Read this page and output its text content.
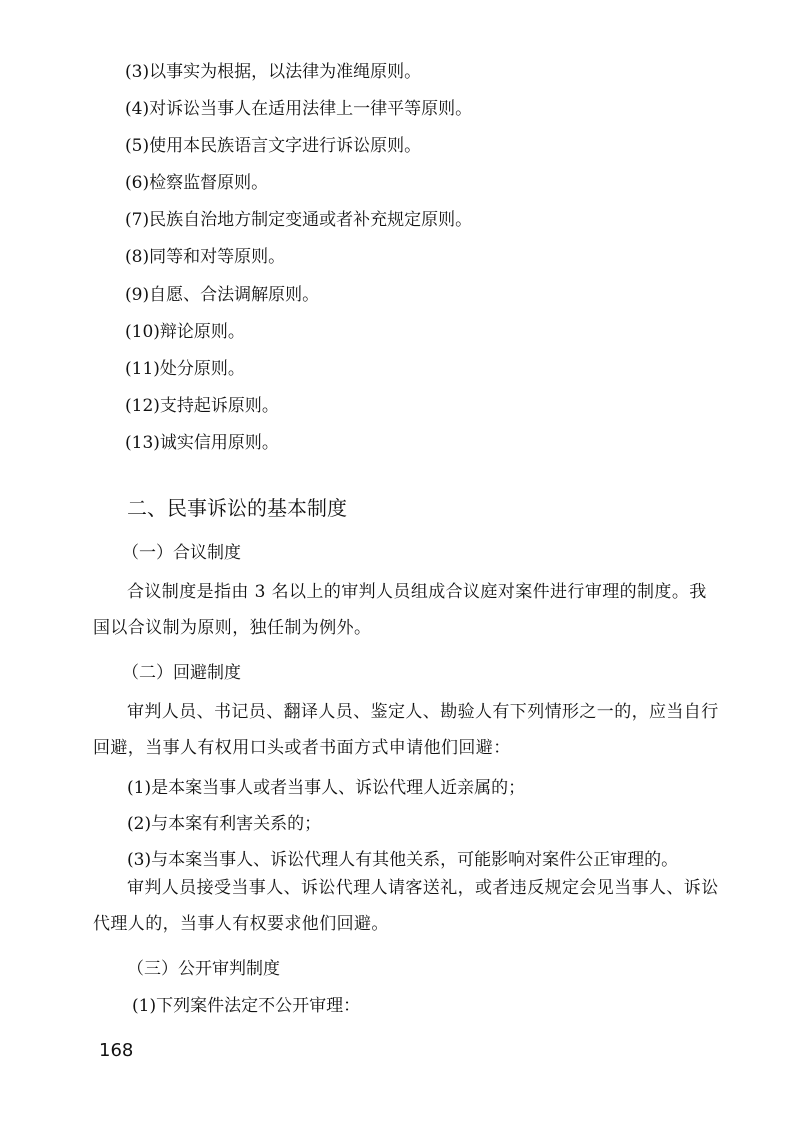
(3)以事实为根据，以法律为准绳原则。
(4)对诉讼当事人在适用法律上一律平等原则。
(5)使用本民族语言文字进行诉讼原则。
(6)检察监督原则。
(7)民族自治地方制定变通或者补充规定原则。
(8)同等和对等原则。
(9)自愿、合法调解原则。
(10)辩论原则。
(11)处分原则。
(12)支持起诉原则。
(13)诚实信用原则。
二、民事诉讼的基本制度
（一）合议制度
合议制度是指由 3 名以上的审判人员组成合议庭对案件进行审理的制度。我国以合议制为原则，独任制为例外。
（二）回避制度
审判人员、书记员、翻译人员、鉴定人、勘验人有下列情形之一的，应当自行回避，当事人有权用口头或者书面方式申请他们回避：
(1)是本案当事人或者当事人、诉讼代理人近亲属的；
(2)与本案有利害关系的；
(3)与本案当事人、诉讼代理人有其他关系，可能影响对案件公正审理的。
审判人员接受当事人、诉讼代理人请客送礼，或者违反规定会见当事人、诉讼代理人的，当事人有权要求他们回避。
（三）公开审判制度
(1)下列案件法定不公开审理：
168
